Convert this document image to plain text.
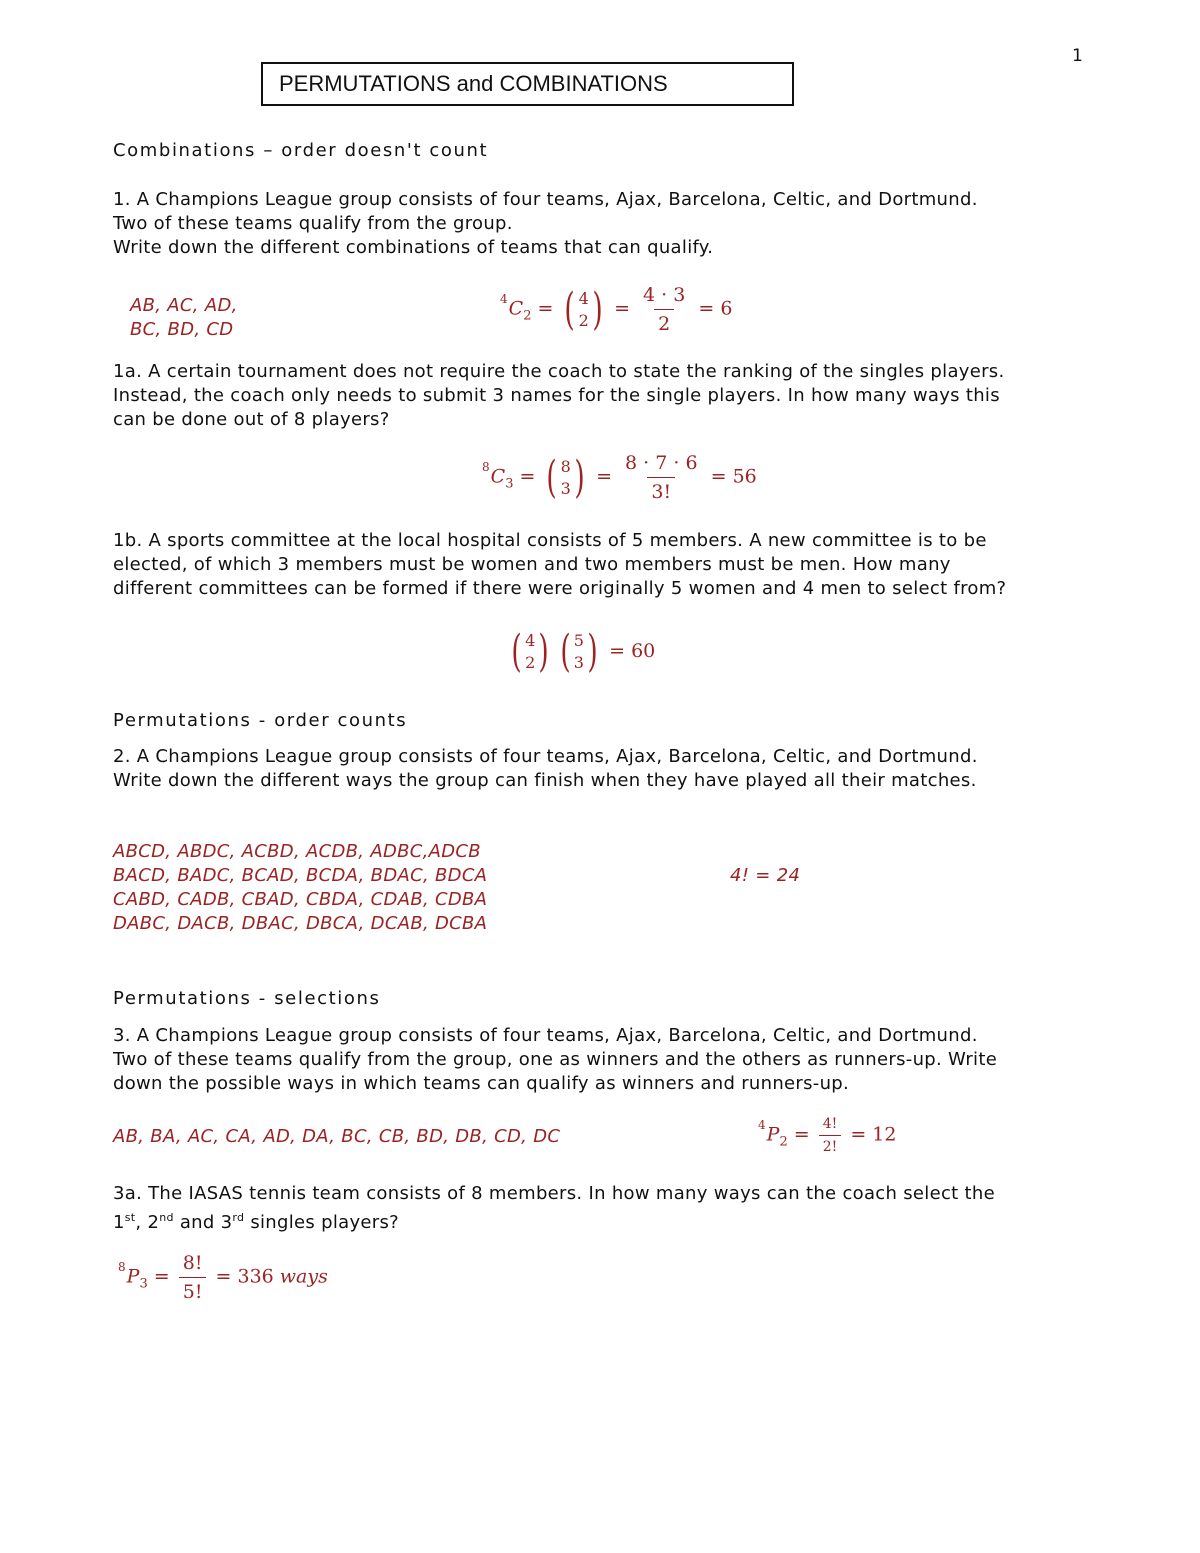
1
PERMUTATIONS and COMBINATIONS
Combinations – order doesn't count

1. A Champions League group consists of four teams, Ajax, Barcelona, Celtic, and Dortmund.

Two of these teams qualify from the group.

Write down the different combinations of teams that can qualify.

AB, AC, AD,

BC, BD, CD

$^4C_2$ = ( 4
2 ) = $\frac{4 \cdot 3}{2} = 6$

1a. A certain tournament does not require the coach to state the ranking of the singles players.

Instead, the coach only needs to submit 3 names for the single players. In how many ways this

can be done out of 8 players?

$^8C_3$ = ( 8
3 ) = $\frac{8 \cdot 7 \cdot 6}{3!} = 56$

1b. A sports committee at the local hospital consists of 5 members. A new committee is to be

elected, of which 3 members must be women and two members must be men. How many

different committees can be formed if there were originally 5 women and 4 men to select from?

( 4
2 ) ( 5
3 ) = 60
Permutations - order counts

2. A Champions League group consists of four teams, Ajax, Barcelona, Celtic, and Dortmund.

Write down the different ways the group can finish when they have played all their matches.

ABCD, ABDC, ACBD, ACDB, ADBC,ADCB

BACD, BADC, BCAD, BCDA, BDAC, BDCA

CABD, CADB, CBAD, CBDA, CDAB, CDBA

DABC, DACB, DBAC, DBCA, DCAB, DCBA

4! = 24
Permutations - selections

3. A Champions League group consists of four teams, Ajax, Barcelona, Celtic, and Dortmund.

Two of these teams qualify from the group, one as winners and the others as runners-up. Write

down the possible ways in which teams can qualify as winners and runners-up.

AB, BA, AC, CA, AD, DA, BC, CB, BD, DB, CD, DC
$^4P_2 = \frac{4!}{2!} = 12$

3a. The IASAS tennis team consists of 8 members. In how many ways can the coach select the

1st, 2nd and 3rd singles players?

$^8P_3 = \frac{8!}{5!} = 336$ ways
